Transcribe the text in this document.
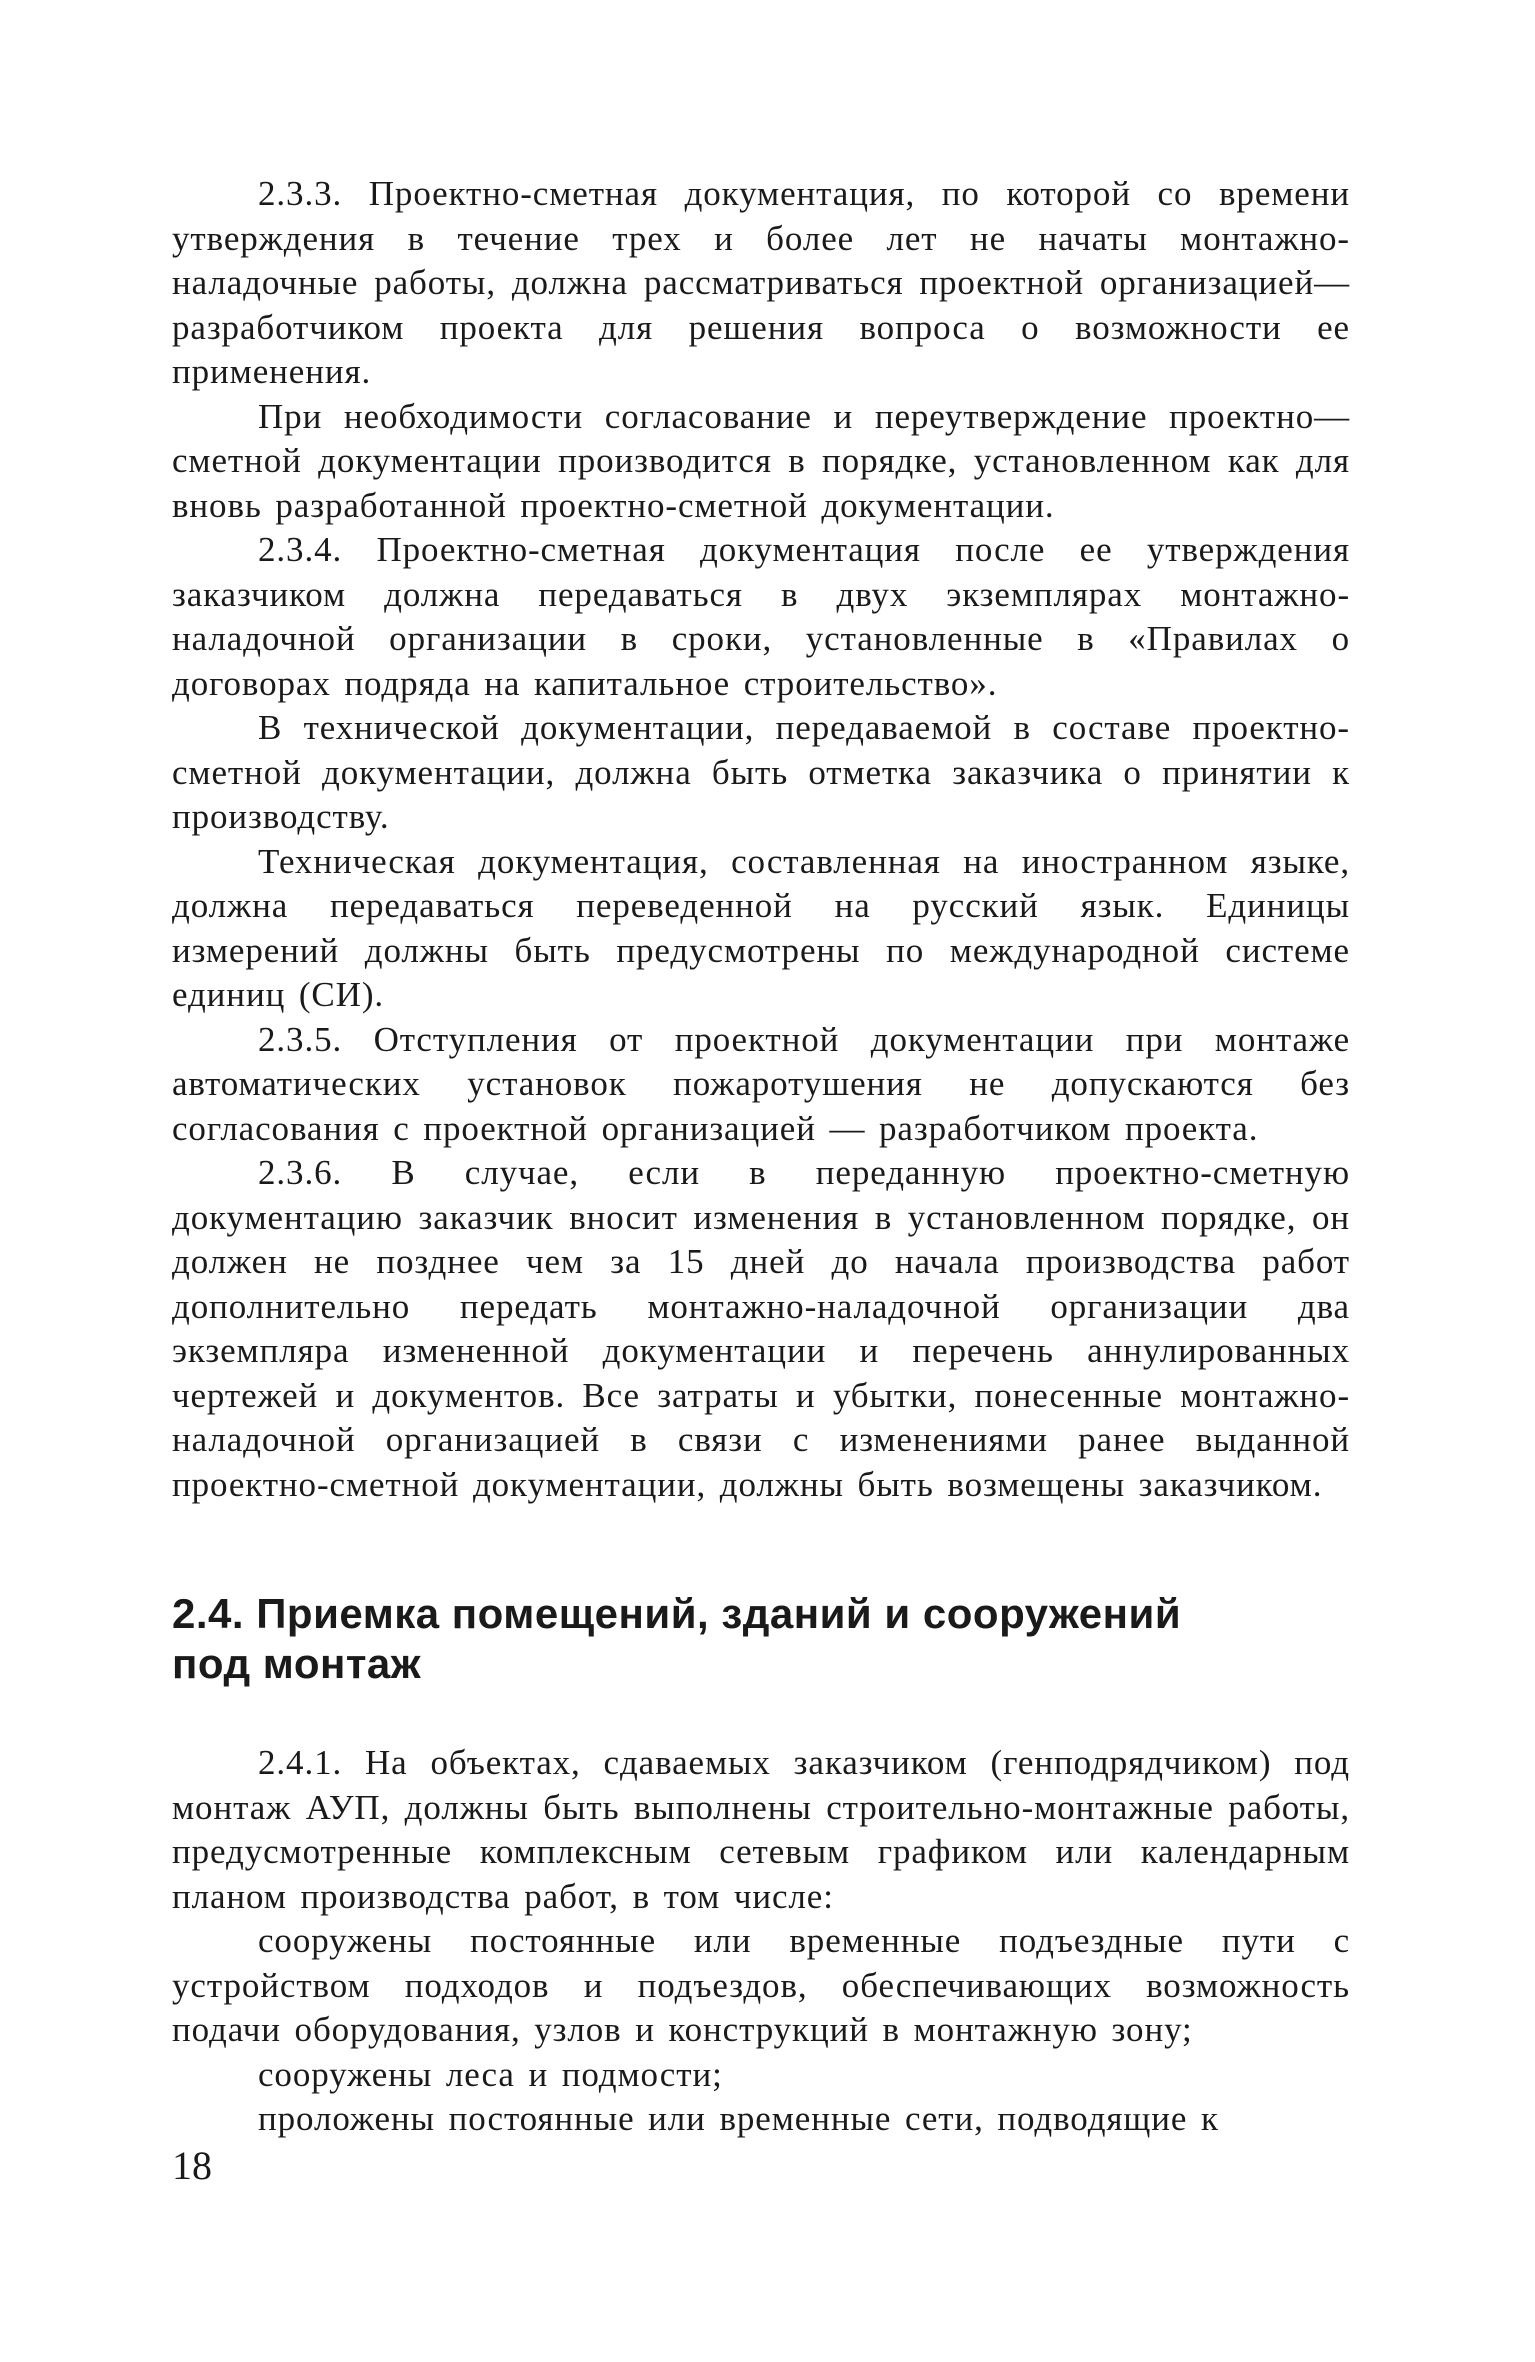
2.3.3. Проектно-сметная документация, по которой со времени утверждения в течение трех и более лет не начаты монтажно-наладочные работы, должна рассматриваться проектной организацией— разработчиком проекта для решения вопроса о возможности ее применения.

При необходимости согласование и переутверждение проектно—сметной документации производится в порядке, установленном как для вновь разработанной проектно-сметной документации.

2.3.4. Проектно-сметная документация после ее утверждения заказчиком должна передаваться в двух экземплярах монтажно-наладочной организации в сроки, установленные в «Правилах о договорах подряда на капитальное строительство».

В технической документации, передаваемой в составе проектно-сметной документации, должна быть отметка заказчика о принятии к производству.

Техническая документация, составленная на иностранном языке, должна передаваться переведенной на русский язык. Единицы измерений должны быть предусмотрены по международной системе единиц (СИ).

2.3.5. Отступления от проектной документации при монтаже автоматических установок пожаротушения не допускаются без согласования с проектной организацией — разработчиком проекта.

2.3.6. В случае, если в переданную проектно-сметную документацию заказчик вносит изменения в установленном порядке, он должен не позднее чем за 15 дней до начала производства работ дополнительно передать монтажно-наладочной организации два экземпляра измененной документации и перечень аннулированных чертежей и документов. Все затраты и убытки, понесенные монтажно-наладочной организацией в связи с изменениями ранее выданной проектно-сметной документации, должны быть возмещены заказчиком.

2.4. Приемка помещений, зданий и сооружений
под монтаж

2.4.1. На объектах, сдаваемых заказчиком (генподрядчиком) под монтаж АУП, должны быть выполнены строительно-монтажные работы, предусмотренные комплексным сетевым графиком или календарным планом производства работ, в том числе:

сооружены постоянные или временные подъездные пути с устройством подходов и подъездов, обеспечивающих возможность подачи оборудования, узлов и конструкций в монтажную зону;

сооружены леса и подмости;

проложены постоянные или временные сети, подводящие к

18
